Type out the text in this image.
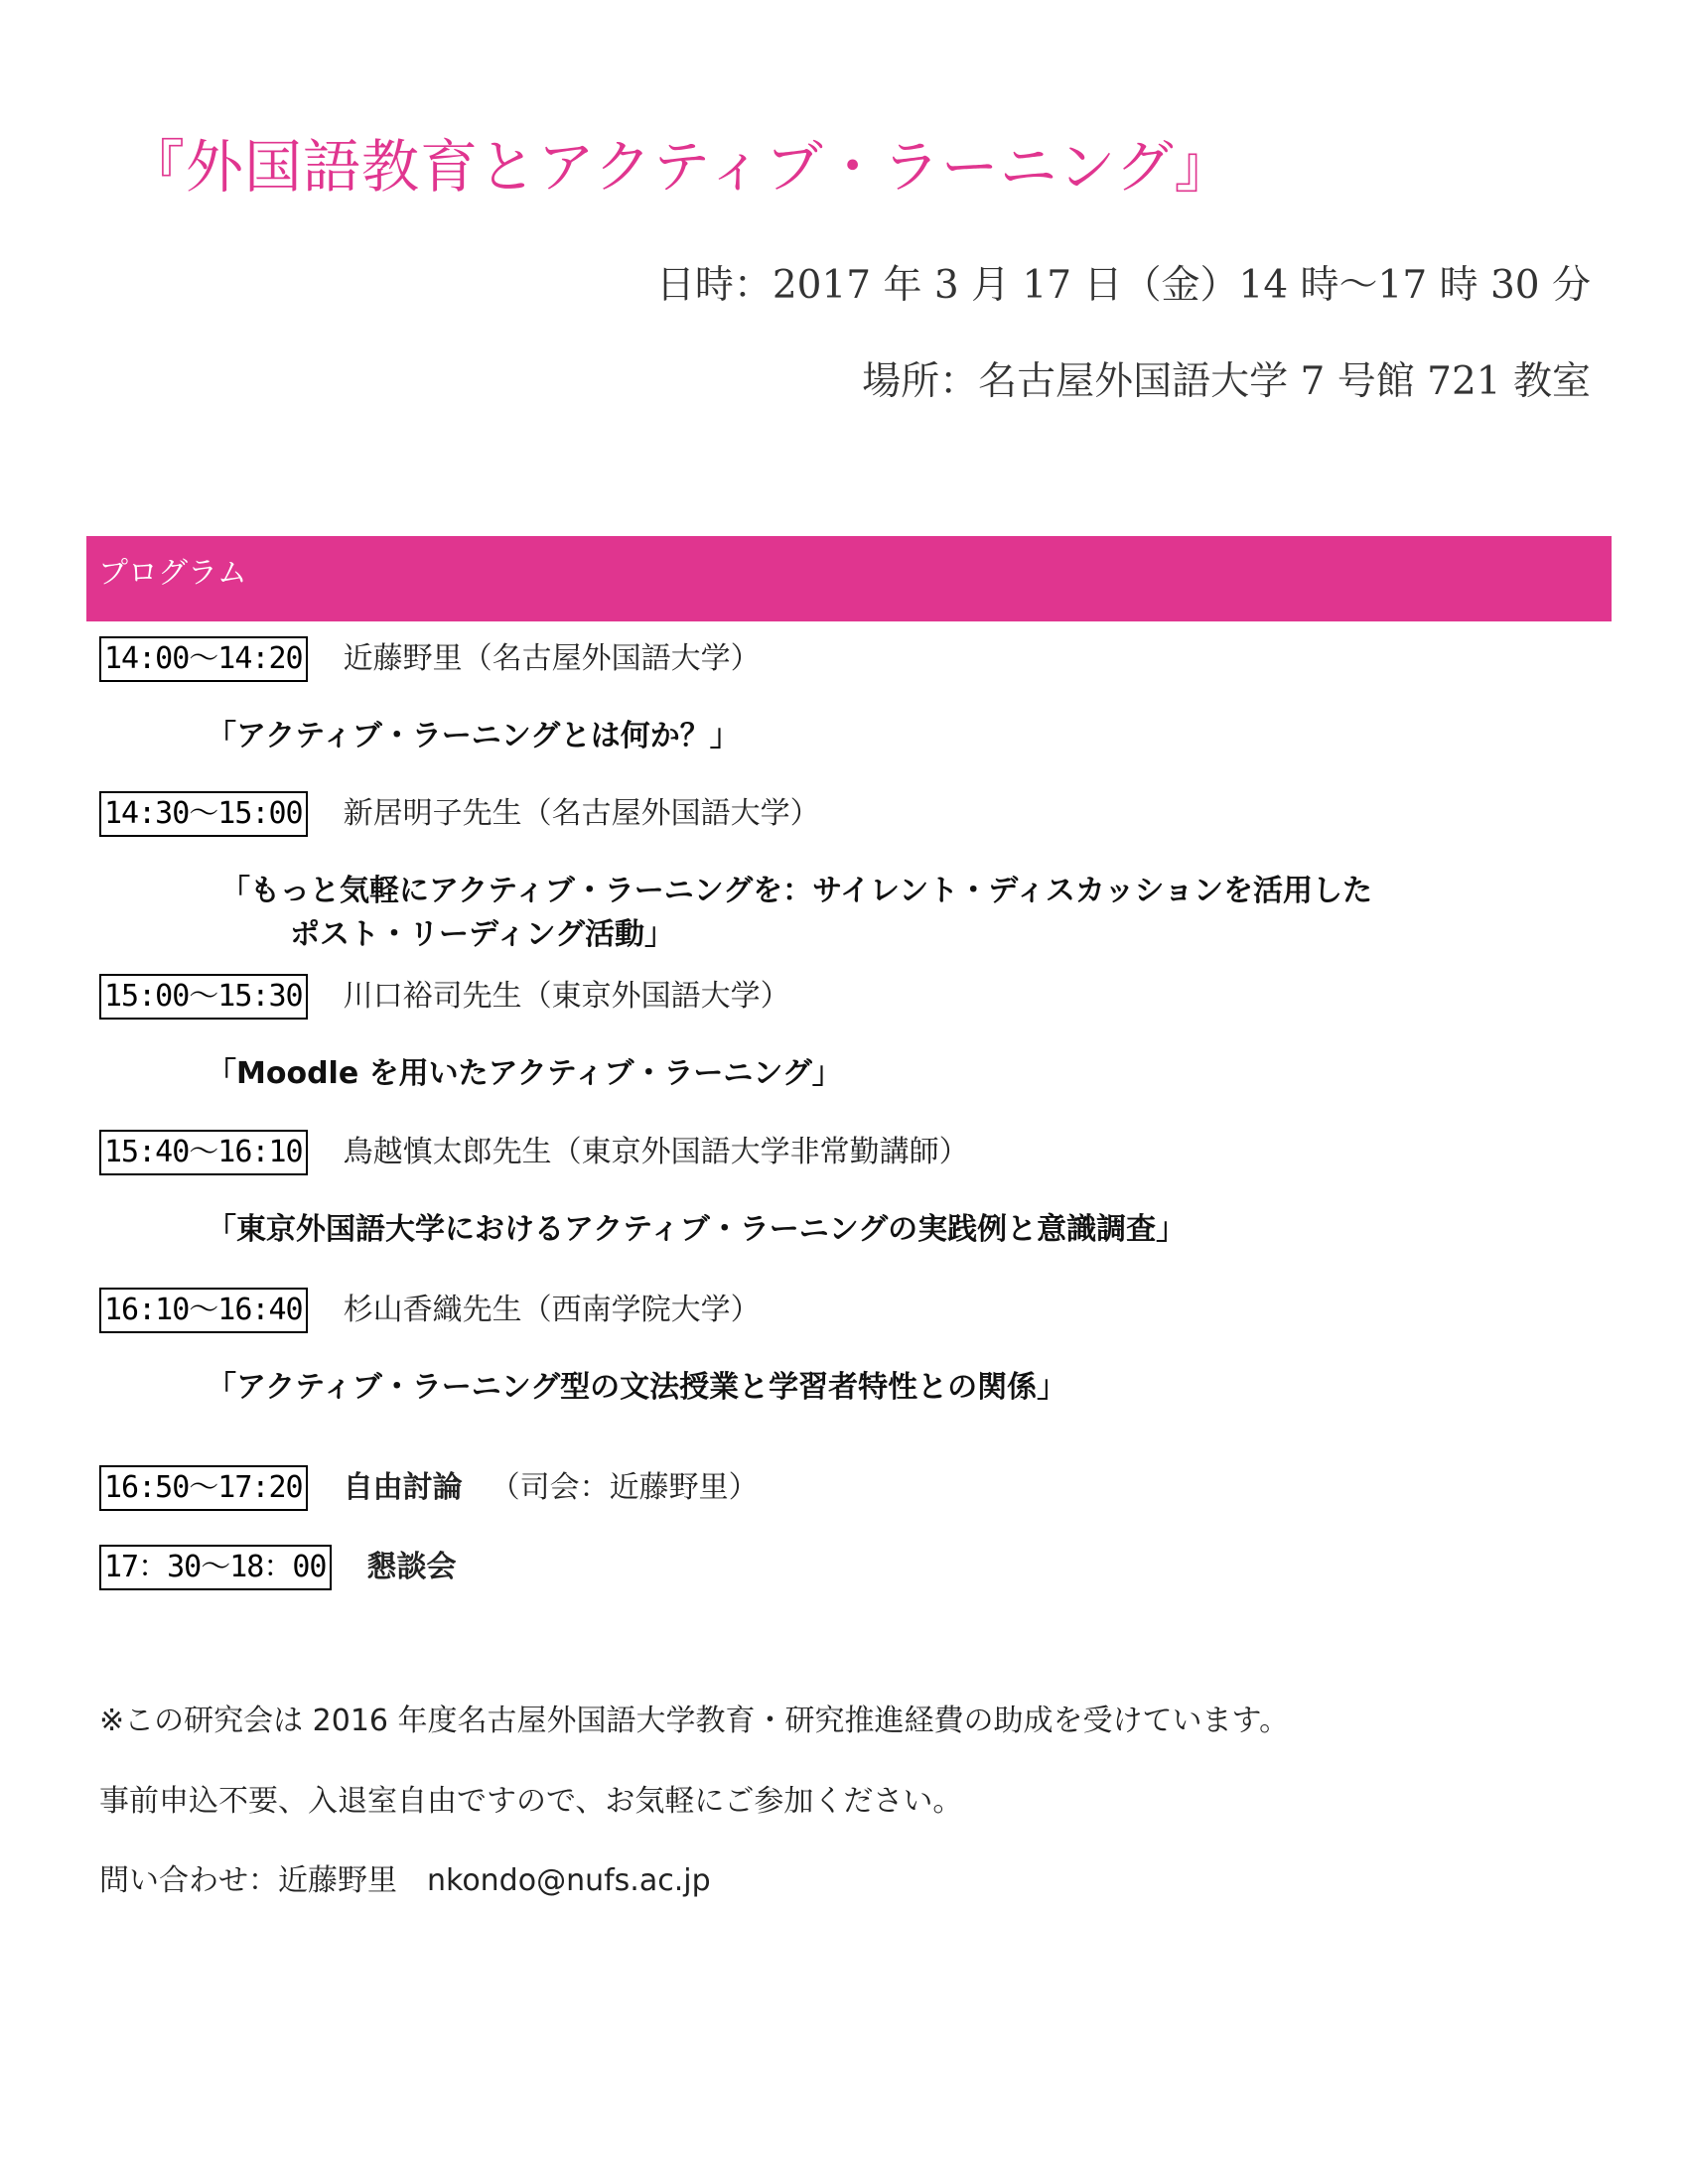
『外国語教育とアクティブ・ラーニング』
日時：2017 年 3 月 17 日（金）14 時～17 時 30 分
場所：名古屋外国語大学 7 号館 721 教室
プログラム
14:00～14:20 近藤野里（名古屋外国語大学）
「アクティブ・ラーニングとは何か？」
14:30～15:00 新居明子先生（名古屋外国語大学）
「もっと気軽にアクティブ・ラーニングを：サイレント・ディスカッションを活用した
ポスト・リーディング活動」
15:00～15:30 川口裕司先生（東京外国語大学）
「Moodle を用いたアクティブ・ラーニング」
15:40～16:10 鳥越慎太郎先生（東京外国語大学非常勤講師）
「東京外国語大学におけるアクティブ・ラーニングの実践例と意識調査」
16:10～16:40 杉山香織先生（西南学院大学）
「アクティブ・ラーニング型の文法授業と学習者特性との関係」
16:50～17:20 自由討論 （司会：近藤野里）
17：30～18：00 懇談会
※この研究会は 2016 年度名古屋外国語大学教育・研究推進経費の助成を受けています。
事前申込不要、入退室自由ですので、お気軽にご参加ください。
問い合わせ：近藤野里　nkondo@nufs.ac.jp
